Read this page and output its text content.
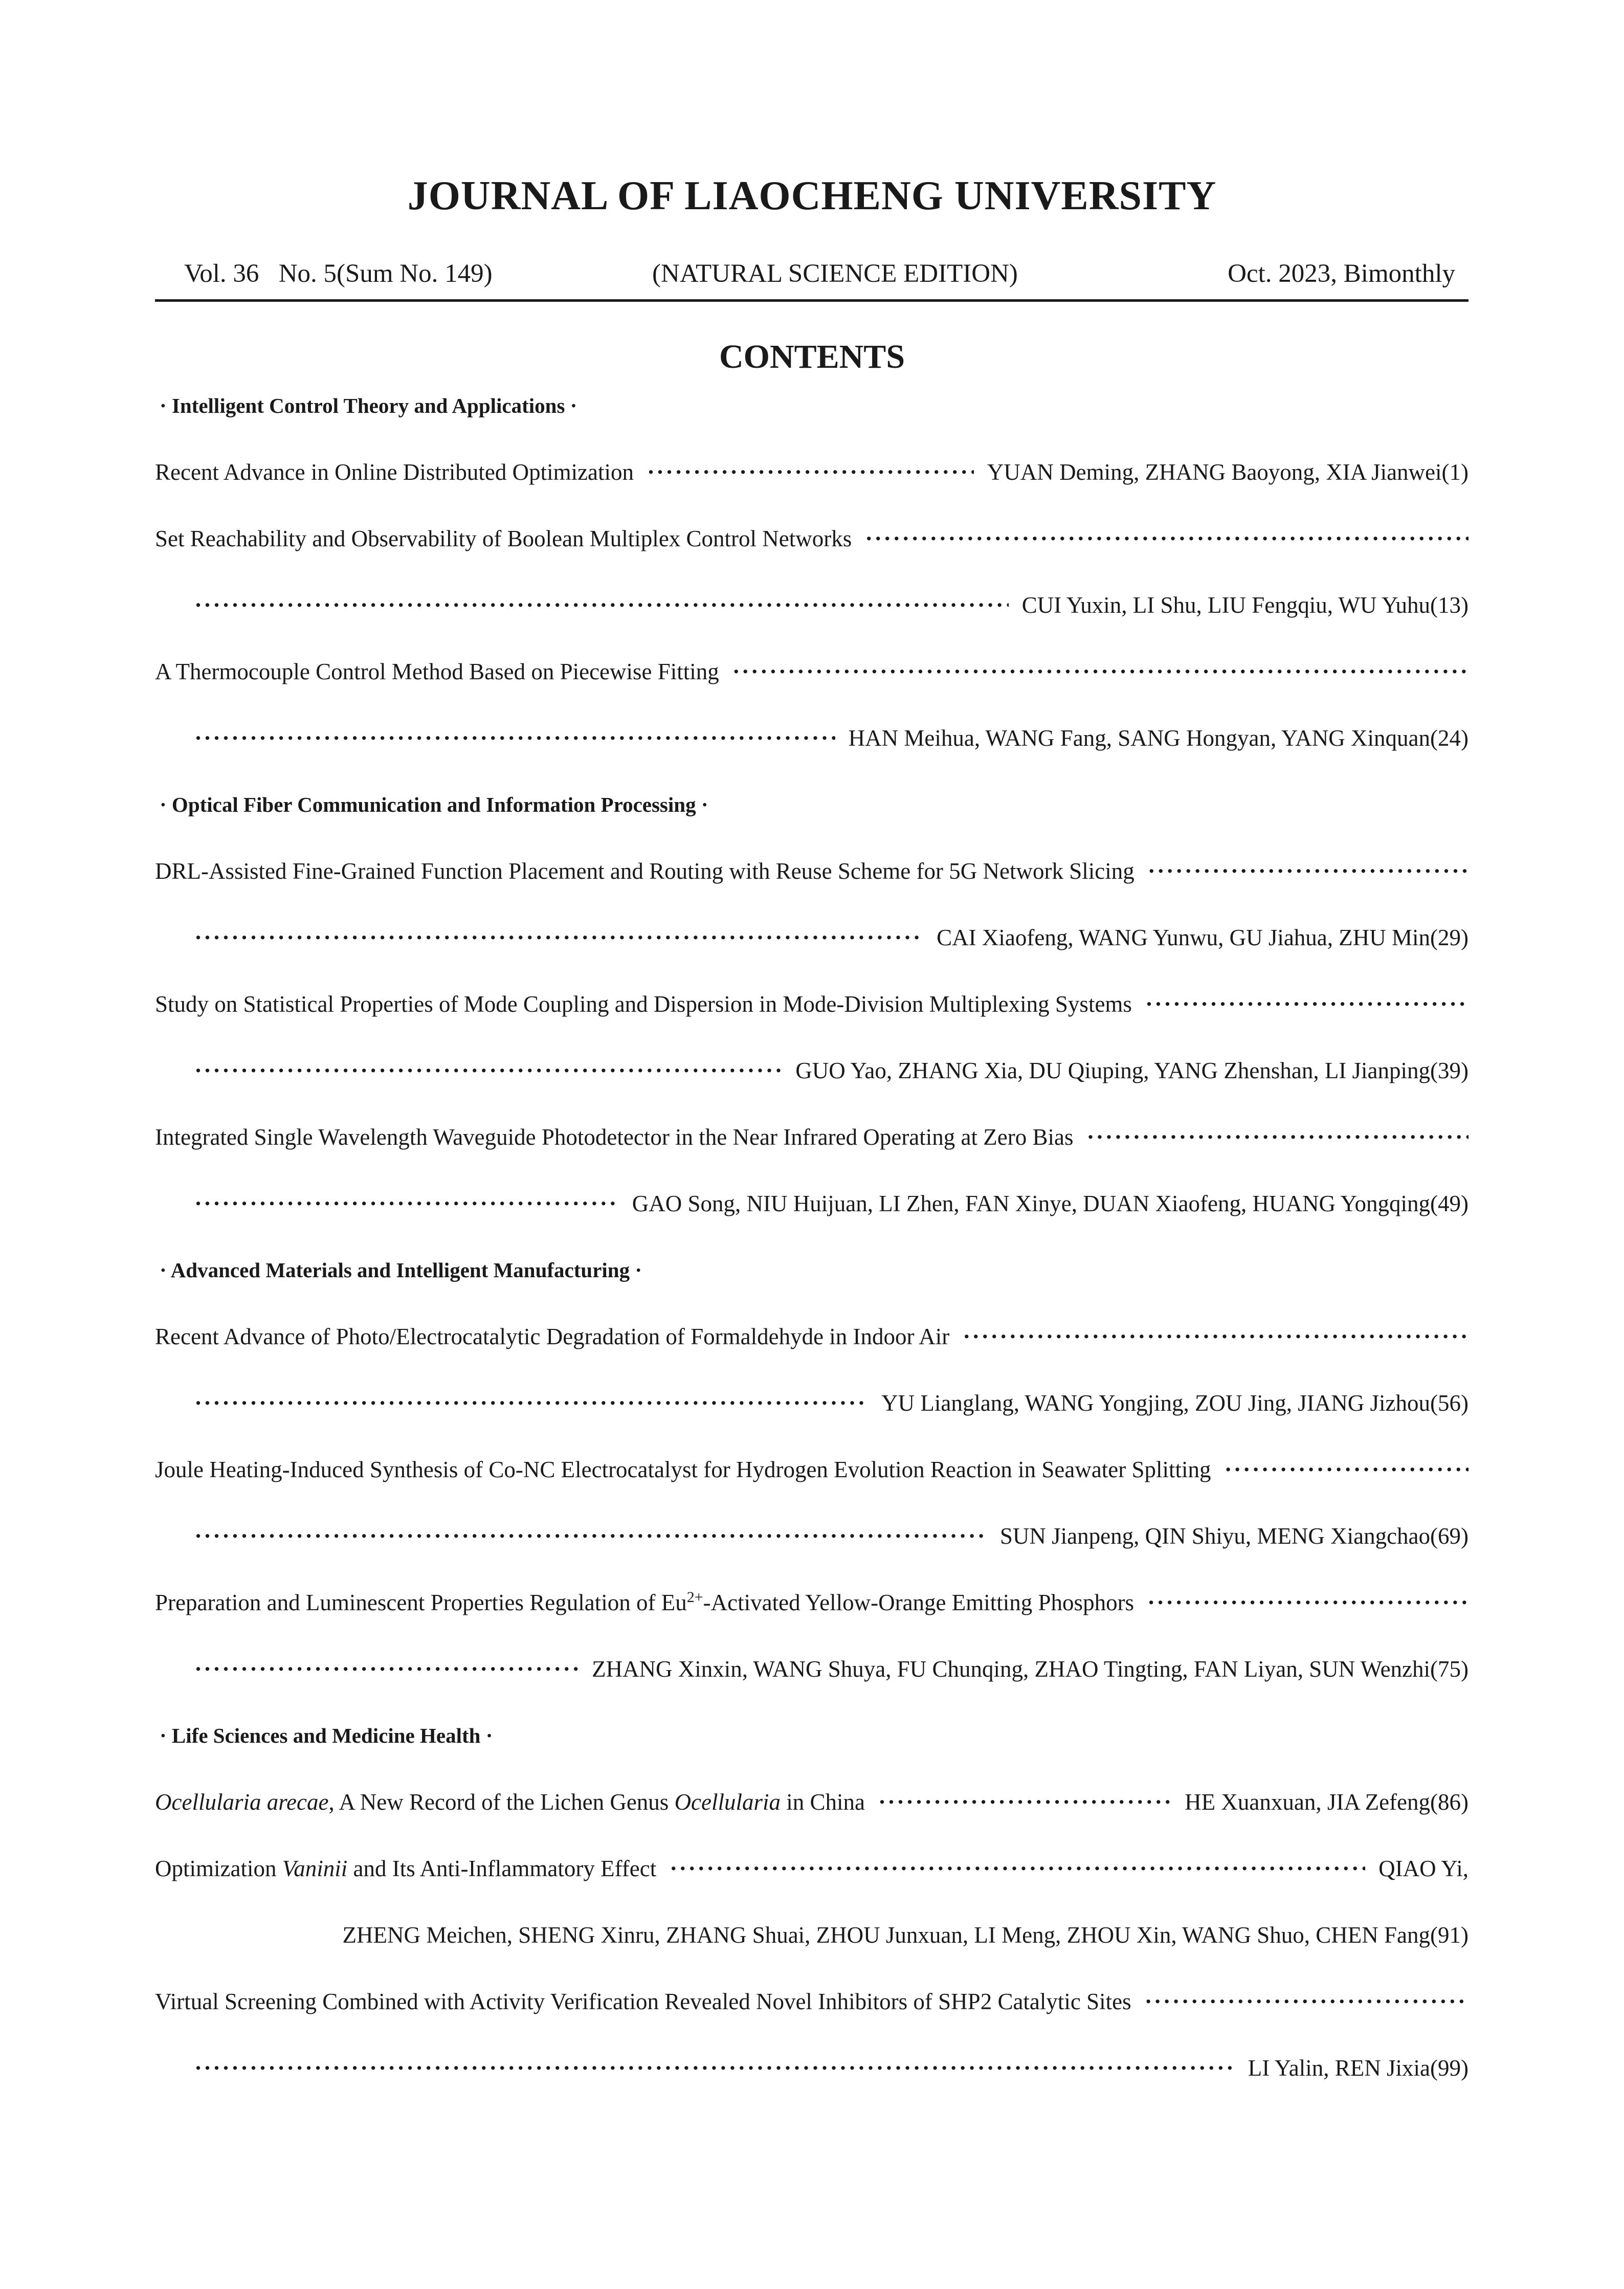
JOURNAL OF LIAOCHENG UNIVERSITY
Vol. 36 No. 5(Sum No. 149)	(NATURAL SCIENCE EDITION)	Oct. 2023, Bimonthly
CONTENTS
· Intelligent Control Theory and Applications ·
Recent Advance in Online Distributed Optimization ·····	YUAN Deming, ZHANG Baoyong, XIA Jianwei(1)
Set Reachability and Observability of Boolean Multiplex Control Networks
·····
·····
CUI Yuxin, LI Shu, LIU Fengqiu, WU Yuhu(13)
A Thermocouple Control Method Based on Piecewise Fitting
·····
·····
HAN Meihua, WANG Fang, SANG Hongyan, YANG Xinquan(24)
· Optical Fiber Communication and Information Processing ·
DRL-Assisted Fine-Grained Function Placement and Routing with Reuse Scheme for 5G Network Slicing
·····
·····
CAI Xiaofeng, WANG Yunwu, GU Jiahua, ZHU Min(29)
Study on Statistical Properties of Mode Coupling and Dispersion in Mode-Division Multiplexing Systems
·····
·····
GUO Yao, ZHANG Xia, DU Qiuping, YANG Zhenshan, LI Jianping(39)
Integrated Single Wavelength Waveguide Photodetector in the Near Infrared Operating at Zero Bias
·····
·····
GAO Song, NIU Huijuan, LI Zhen, FAN Xinye, DUAN Xiaofeng, HUANG Yongqing(49)
· Advanced Materials and Intelligent Manufacturing ·
Recent Advance of Photo/Electrocatalytic Degradation of Formaldehyde in Indoor Air
·····
·····
YU Lianglang, WANG Yongjing, ZOU Jing, JIANG Jizhou(56)
Joule Heating-Induced Synthesis of Co-NC Electrocatalyst for Hydrogen Evolution Reaction in Seawater Splitting
·····
·····
SUN Jianpeng, QIN Shiyu, MENG Xiangchao(69)
Preparation and Luminescent Properties Regulation of $Eu^{2+}$-Activated Yellow-Orange Emitting Phosphors
·····
·····
ZHANG Xinxin, WANG Shuya, FU Chunqing, ZHAO Tingting, FAN Liyan, SUN Wenzhi(75)
· Life Sciences and Medicine Health ·
Ocellularia arecae, A New Record of the Lichen Genus Ocellularia in China ·····	HE Xuanxuan, JIA Zefeng(86)
Optimization Vaninii and Its Anti-Inflammatory Effect ·····	QIAO Yi,
ZHENG Meichen, SHENG Xinru, ZHANG Shuai, ZHOU Junxuan, LI Meng, ZHOU Xin, WANG Shuo, CHEN Fang(91)
Virtual Screening Combined with Activity Verification Revealed Novel Inhibitors of SHP2 Catalytic Sites
·····
·····
LI Yalin, REN Jixia(99)
